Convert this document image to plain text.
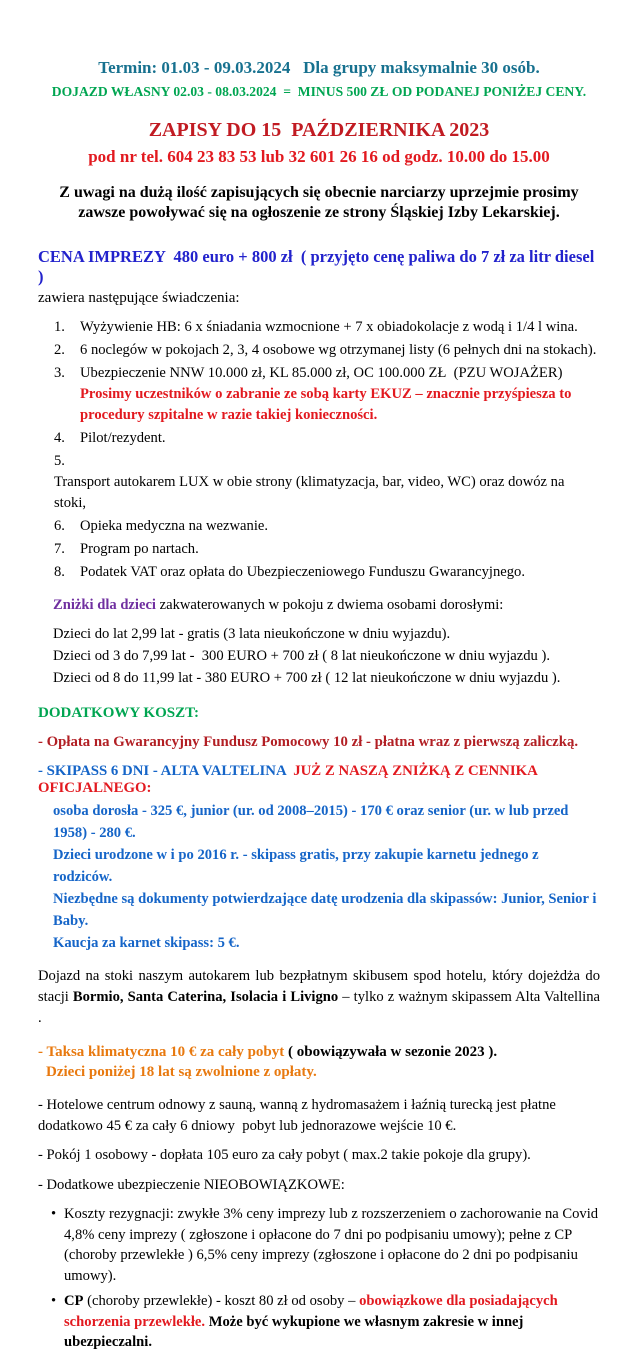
Termin: 01.03 - 09.03.2024   Dla grupy maksymalnie 30 osób.

DOJAZD WŁASNY 02.03 - 08.03.2024  =  MINUS 500 ZŁ OD PODANEJ PONIŻEJ CENY.

ZAPISY DO 15  PAŹDZIERNIKA 2023

pod nr tel. 604 23 83 53 lub 32 601 26 16 od godz. 10.00 do 15.00

Z uwagi na dużą ilość zapisujących się obecnie narciarzy uprzejmie prosimy
zawsze powoływać się na ogłoszenie ze strony Śląskiej Izby Lekarskiej.

CENA IMPREZY  480 euro + 800 zł  ( przyjęto cenę paliwa do 7 zł za litr diesel )

zawiera następujące świadczenia:

1.	Wyżywienie HB: 6 x śniadania wzmocnione + 7 x obiadokolacje z wodą i 1/4 l wina.
2.	6 noclegów w pokojach 2, 3, 4 osobowe wg otrzymanej listy (6 pełnych dni na stokach).
3.	Ubezpieczenie NNW 10.000 zł, KL 85.000 zł, OC 100.000 ZŁ  (PZU WOJAŻER)
Prosimy uczestników o zabranie ze sobą karty EKUZ – znacznie przyśpiesza to procedury szpitalne w razie takiej konieczności.
4.	Pilot/rezydent.
5.
Transport autokarem LUX w obie strony (klimatyzacja, bar, video, WC) oraz dowóz na stoki,
6.	Opieka medyczna na wezwanie.
7.	Program po nartach.
8.	Podatek VAT oraz opłata do Ubezpieczeniowego Funduszu Gwarancyjnego.

Zniżki dla dzieci zakwaterowanych w pokoju z dwiema osobami dorosłymi:

Dzieci do lat 2,99 lat - gratis (3 lata nieukończone w dniu wyjazdu).

Dzieci od 3 do 7,99 lat -  300 EURO + 700 zł ( 8 lat nieukończone w dniu wyjazdu ).

Dzieci od 8 do 11,99 lat - 380 EURO + 700 zł ( 12 lat nieukończone w dniu wyjazdu ).

DODATKOWY KOSZT:

- Opłata na Gwarancyjny Fundusz Pomocowy 10 zł - płatna wraz z pierwszą zaliczką.

- SKIPASS 6 DNI - ALTA VALTELINA  JUŻ Z NASZĄ ZNIŻKĄ Z CENNIKA OFICJALNEGO:

osoba dorosła - 325 €, junior (ur. od 2008–2015) - 170 € oraz senior (ur. w lub przed 1958) - 280 €.

Dzieci urodzone w i po 2016 r. - skipass gratis, przy zakupie karnetu jednego z rodziców.

Niezbędne są dokumenty potwierdzające datę urodzenia dla skipassów: Junior, Senior i Baby.

Kaucja za karnet skipass: 5 €.

Dojazd na stoki naszym autokarem lub bezpłatnym skibusem spod hotelu, który dojeżdża do stacji Bormio, Santa Caterina, Isolacia i Livigno – tylko z ważnym skipassem Alta Valtellina .

- Taksa klimatyczna 10 € za cały pobyt ( obowiązywała w sezonie 2023 ).

Dzieci poniżej 18 lat są zwolnione z opłaty.

- Hotelowe centrum odnowy z sauną, wanną z hydromasażem i łaźnią turecką jest płatne dodatkowo 45 € za cały 6 dniowy  pobyt lub jednorazowe wejście 10 €.

- Pokój 1 osobowy - dopłata 105 euro za cały pobyt ( max.2 takie pokoje dla grupy).

- Dodatkowe ubezpieczenie NIEOBOWIĄZKOWE:

• Koszty rezygnacji: zwykłe 3% ceny imprezy lub z rozszerzeniem o zachorowanie na Covid 4,8% ceny imprezy ( zgłoszone i opłacone do 7 dni po podpisaniu umowy); pełne z CP (choroby przewlekłe ) 6,5% ceny imprezy (zgłoszone i opłacone do 2 dni po podpisaniu umowy).
• CP (choroby przewlekłe) - koszt 80 zł od osoby – obowiązkowe dla posiadających schorzenia przewlekłe. Może być wykupione we własnym zakresie w innej ubezpieczalni.
